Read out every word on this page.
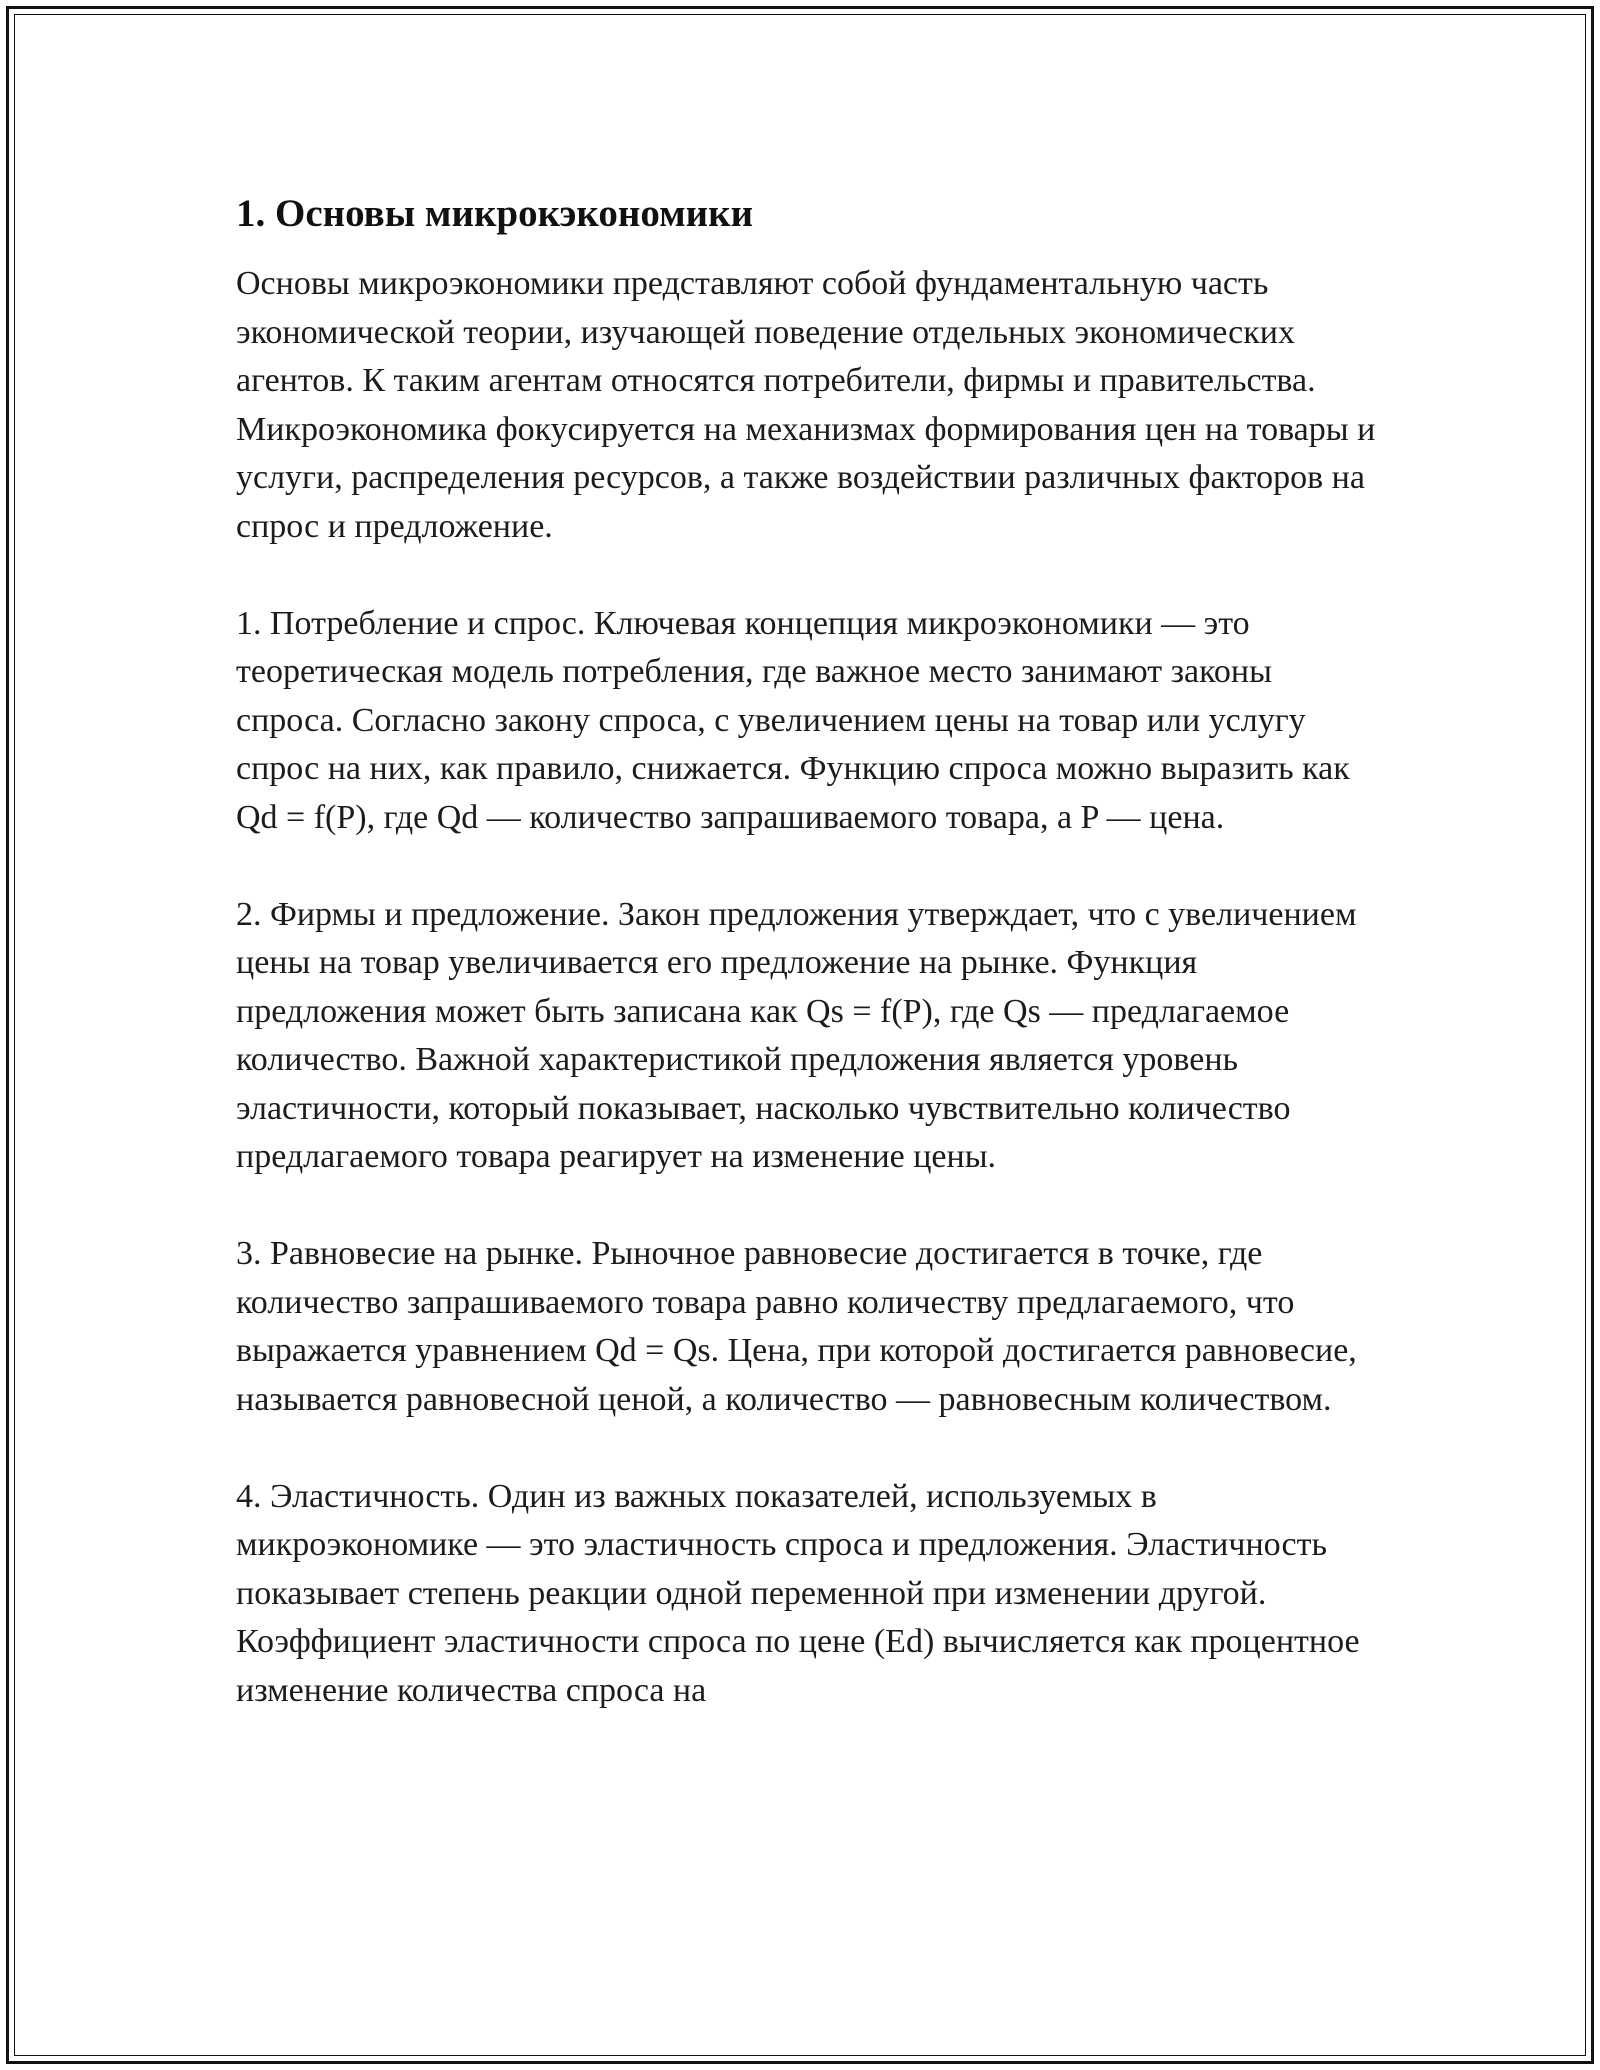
1. Основы микрокэкономики

Основы микроэкономики представляют собой фундаментальную часть экономической теории, изучающей поведение отдельных экономических агентов. К таким агентам относятся потребители, фирмы и правительства. Микроэкономика фокусируется на механизмах формирования цен на товары и услуги, распределения ресурсов, а также воздействии различных факторов на спрос и предложение.

1. Потребление и спрос. Ключевая концепция микроэкономики — это теоретическая модель потребления, где важное место занимают законы спроса. Согласно закону спроса, с увеличением цены на товар или услугу спрос на них, как правило, снижается. Функцию спроса можно выразить как Qd = f(P), где Qd — количество запрашиваемого товара, а P — цена.

2. Фирмы и предложение. Закон предложения утверждает, что с увеличением цены на товар увеличивается его предложение на рынке. Функция предложения может быть записана как Qs = f(P), где Qs — предлагаемое количество. Важной характеристикой предложения является уровень эластичности, который показывает, насколько чувствительно количество предлагаемого товара реагирует на изменение цены.

3. Равновесие на рынке. Рыночное равновесие достигается в точке, где количество запрашиваемого товара равно количеству предлагаемого, что выражается уравнением Qd = Qs. Цена, при которой достигается равновесие, называется равновесной ценой, а количество — равновесным количеством.

4. Эластичность. Один из важных показателей, используемых в микроэкономике — это эластичность спроса и предложения. Эластичность показывает степень реакции одной переменной при изменении другой. Коэффициент эластичности спроса по цене (Ed) вычисляется как процентное изменение количества спроса на
